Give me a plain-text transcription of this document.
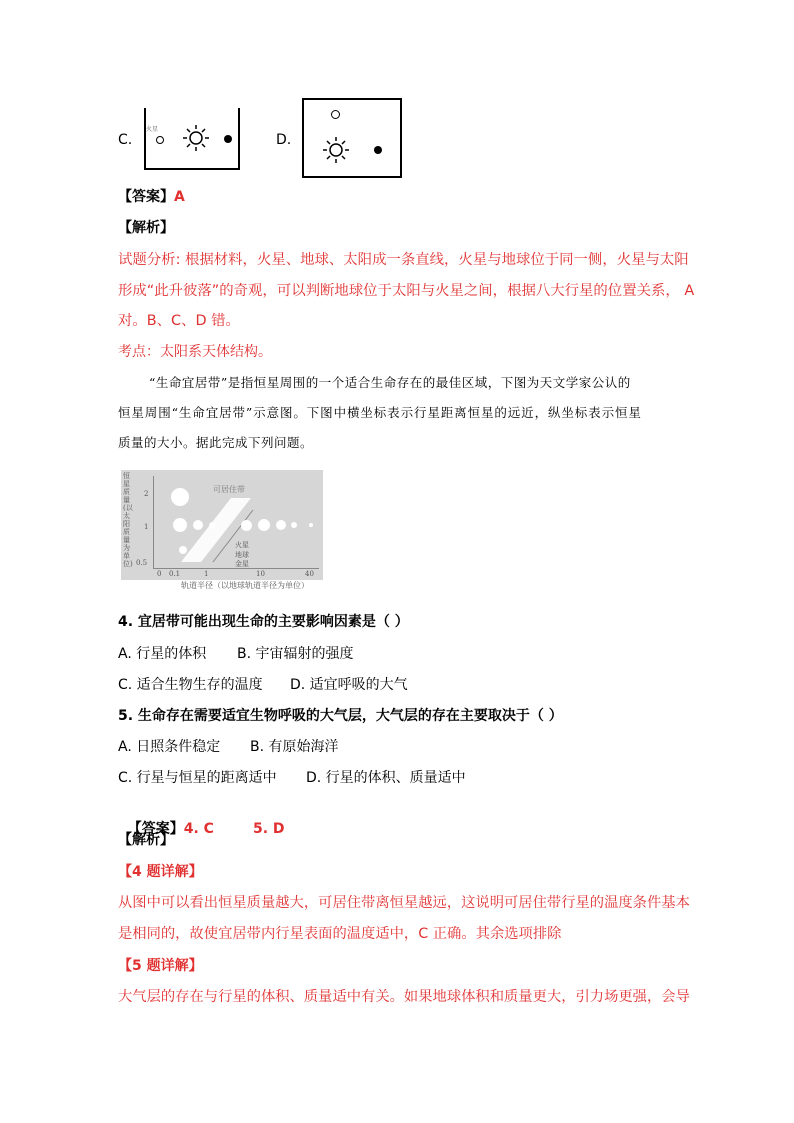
C.
火星
D.
【答案】A
【解析】
试题分析: 根据材料，火星、地球、太阳成一条直线，火星与地球位于同一侧，火星与太阳
形成“此升彼落”的奇观，可以判断地球位于太阳与火星之间，根据八大行星的位置关系， A
对。B、C、D 错。
考点：太阳系天体结构。
“生命宜居带”是指恒星周围的一个适合生命存在的最佳区域，下图为天文学家公认的
恒星周围“生命宜居带”示意图。下图中横坐标表示行星距离恒星的远近，纵坐标表示恒星
质量的大小。据此完成下列问题。
恒星质量(以太阳质量为单位)
2
1
0.5
0 0.1	1	10	40
轨道半径（以地球轨道半径为单位）
可居住带
火星
地球
金星
4. 宜居带可能出现生命的主要影响因素是（ ）
A. 行星的体积 B. 宇宙辐射的强度
C. 适合生物生存的温度 D. 适宜呼吸的大气
5. 生命存在需要适宜生物呼吸的大气层，大气层的存在主要取决于（ ）
A. 日照条件稳定 B. 有原始海洋
C. 行星与恒星的距离适中 D. 行星的体积、质量适中

【答案】4. C        5. D

【解析】
【4 题详解】
从图中可以看出恒星质量越大，可居住带离恒星越远，这说明可居住带行星的温度条件基本
是相同的，故使宜居带内行星表面的温度适中，C 正确。其余选项排除
【5 题详解】
大气层的存在与行星的体积、质量适中有关。如果地球体积和质量更大，引力场更强，会导
